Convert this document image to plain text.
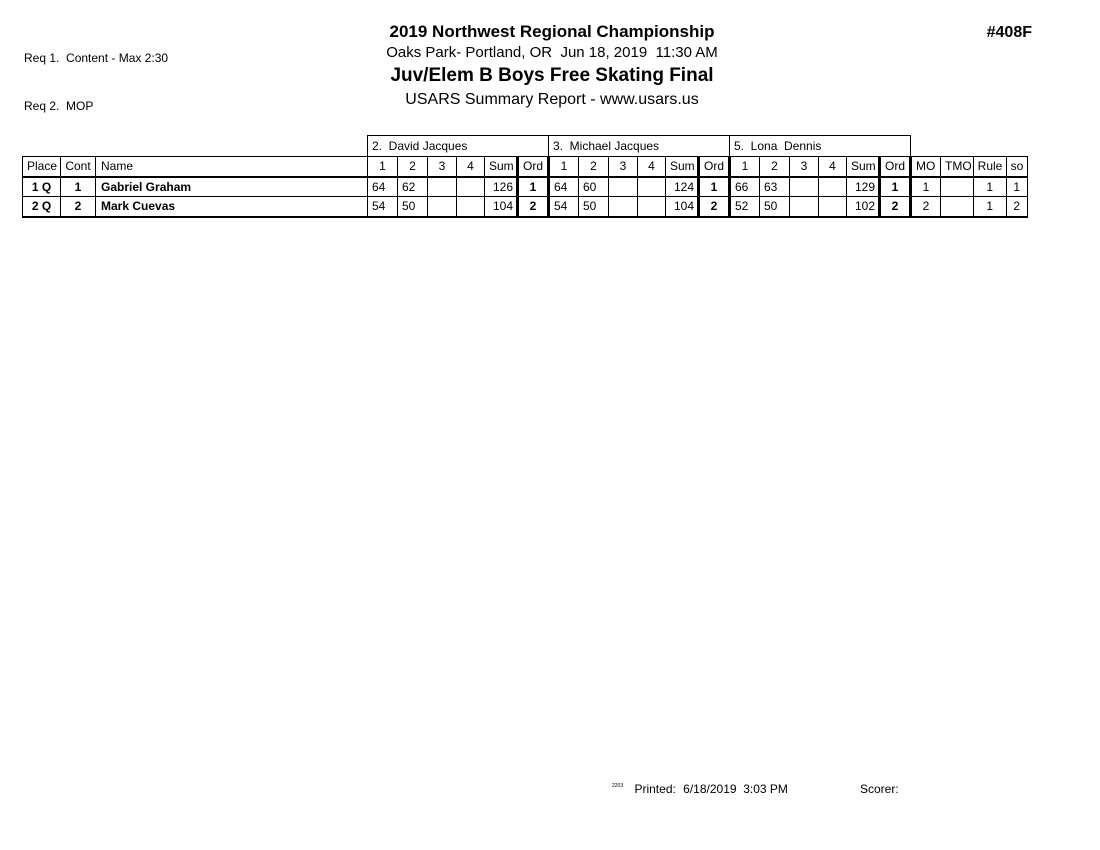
Req 1.  Content - Max 2:30

Req 2.  MOP

2019 Northwest Regional Championship
Oaks Park- Portland, OR  Jun 18, 2019  11:30 AM
Juv/Elem B Boys Free Skating Final
USARS Summary Report - www.usars.us
#408F
			2.  David Jacques						3.  Michael Jacques						5.  Lona  Dennis									
Place	Cont	Name	1	2	3	4	Sum	Ord	1	2	3	4	Sum	Ord	1	2	3	4	Sum	Ord	MO	TMO	Rule	so
1 Q	1	Gabriel Graham	64	62			126	1	64	60			124	1	66	63			129	1	1		1	1
2 Q	2	Mark Cuevas	54	50			104	2	54	50			104	2	52	50			102	2	2		1	2
$^{2203}$ Printed: 6/18/2019  3:03 PM	Scorer:
